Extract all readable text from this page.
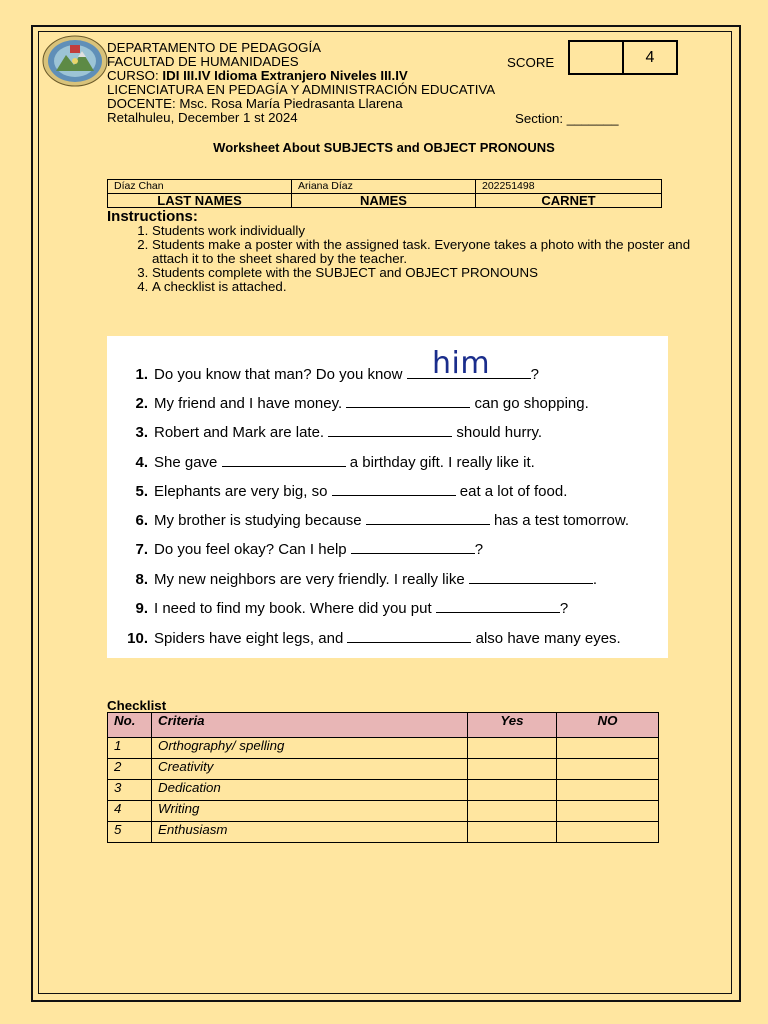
DEPARTAMENTO DE PEDAGOGÍA
FACULTAD DE HUMANIDADES
CURSO: IDI III.IV Idioma Extranjero Niveles III.IV
LICENCIATURA EN PEDAGÍA Y ADMINISTRACIÓN EDUCATIVA
DOCENTE: Msc. Rosa María Piedrasanta Llarena
Retalhuleu, December 1 st 2024
SCORE	4
Section: _______
Worksheet About SUBJECTS and OBJECT PRONOUNS
Díaz Chan	Ariana Díaz	202251498
LAST NAMES	NAMES	CARNET
Instructions:
1. Students work individually
2. Students make a poster with the assigned task. Everyone takes a photo with the poster and attach it to the sheet shared by the teacher.
3. Students complete with the SUBJECT and OBJECT PRONOUNS
4. A checklist is attached.
1. Do you know that man? Do you know	?
him
2. My friend and I have money.	can go shopping.
3. Robert and Mark are late.	should hurry.
4. She gave	a birthday gift. I really like it.
5. Elephants are very big, so	eat a lot of food.
6. My brother is studying because	has a test tomorrow.
7. Do you feel okay? Can I help	?
8. My new neighbors are very friendly. I really like	.
9. I need to find my book. Where did you put	?
10. Spiders have eight legs, and	also have many eyes.
Checklist
No.	Criteria	Yes	NO
1	Orthography/ spelling		
2	Creativity		
3	Dedication		
4	Writing		
5	Enthusiasm		
